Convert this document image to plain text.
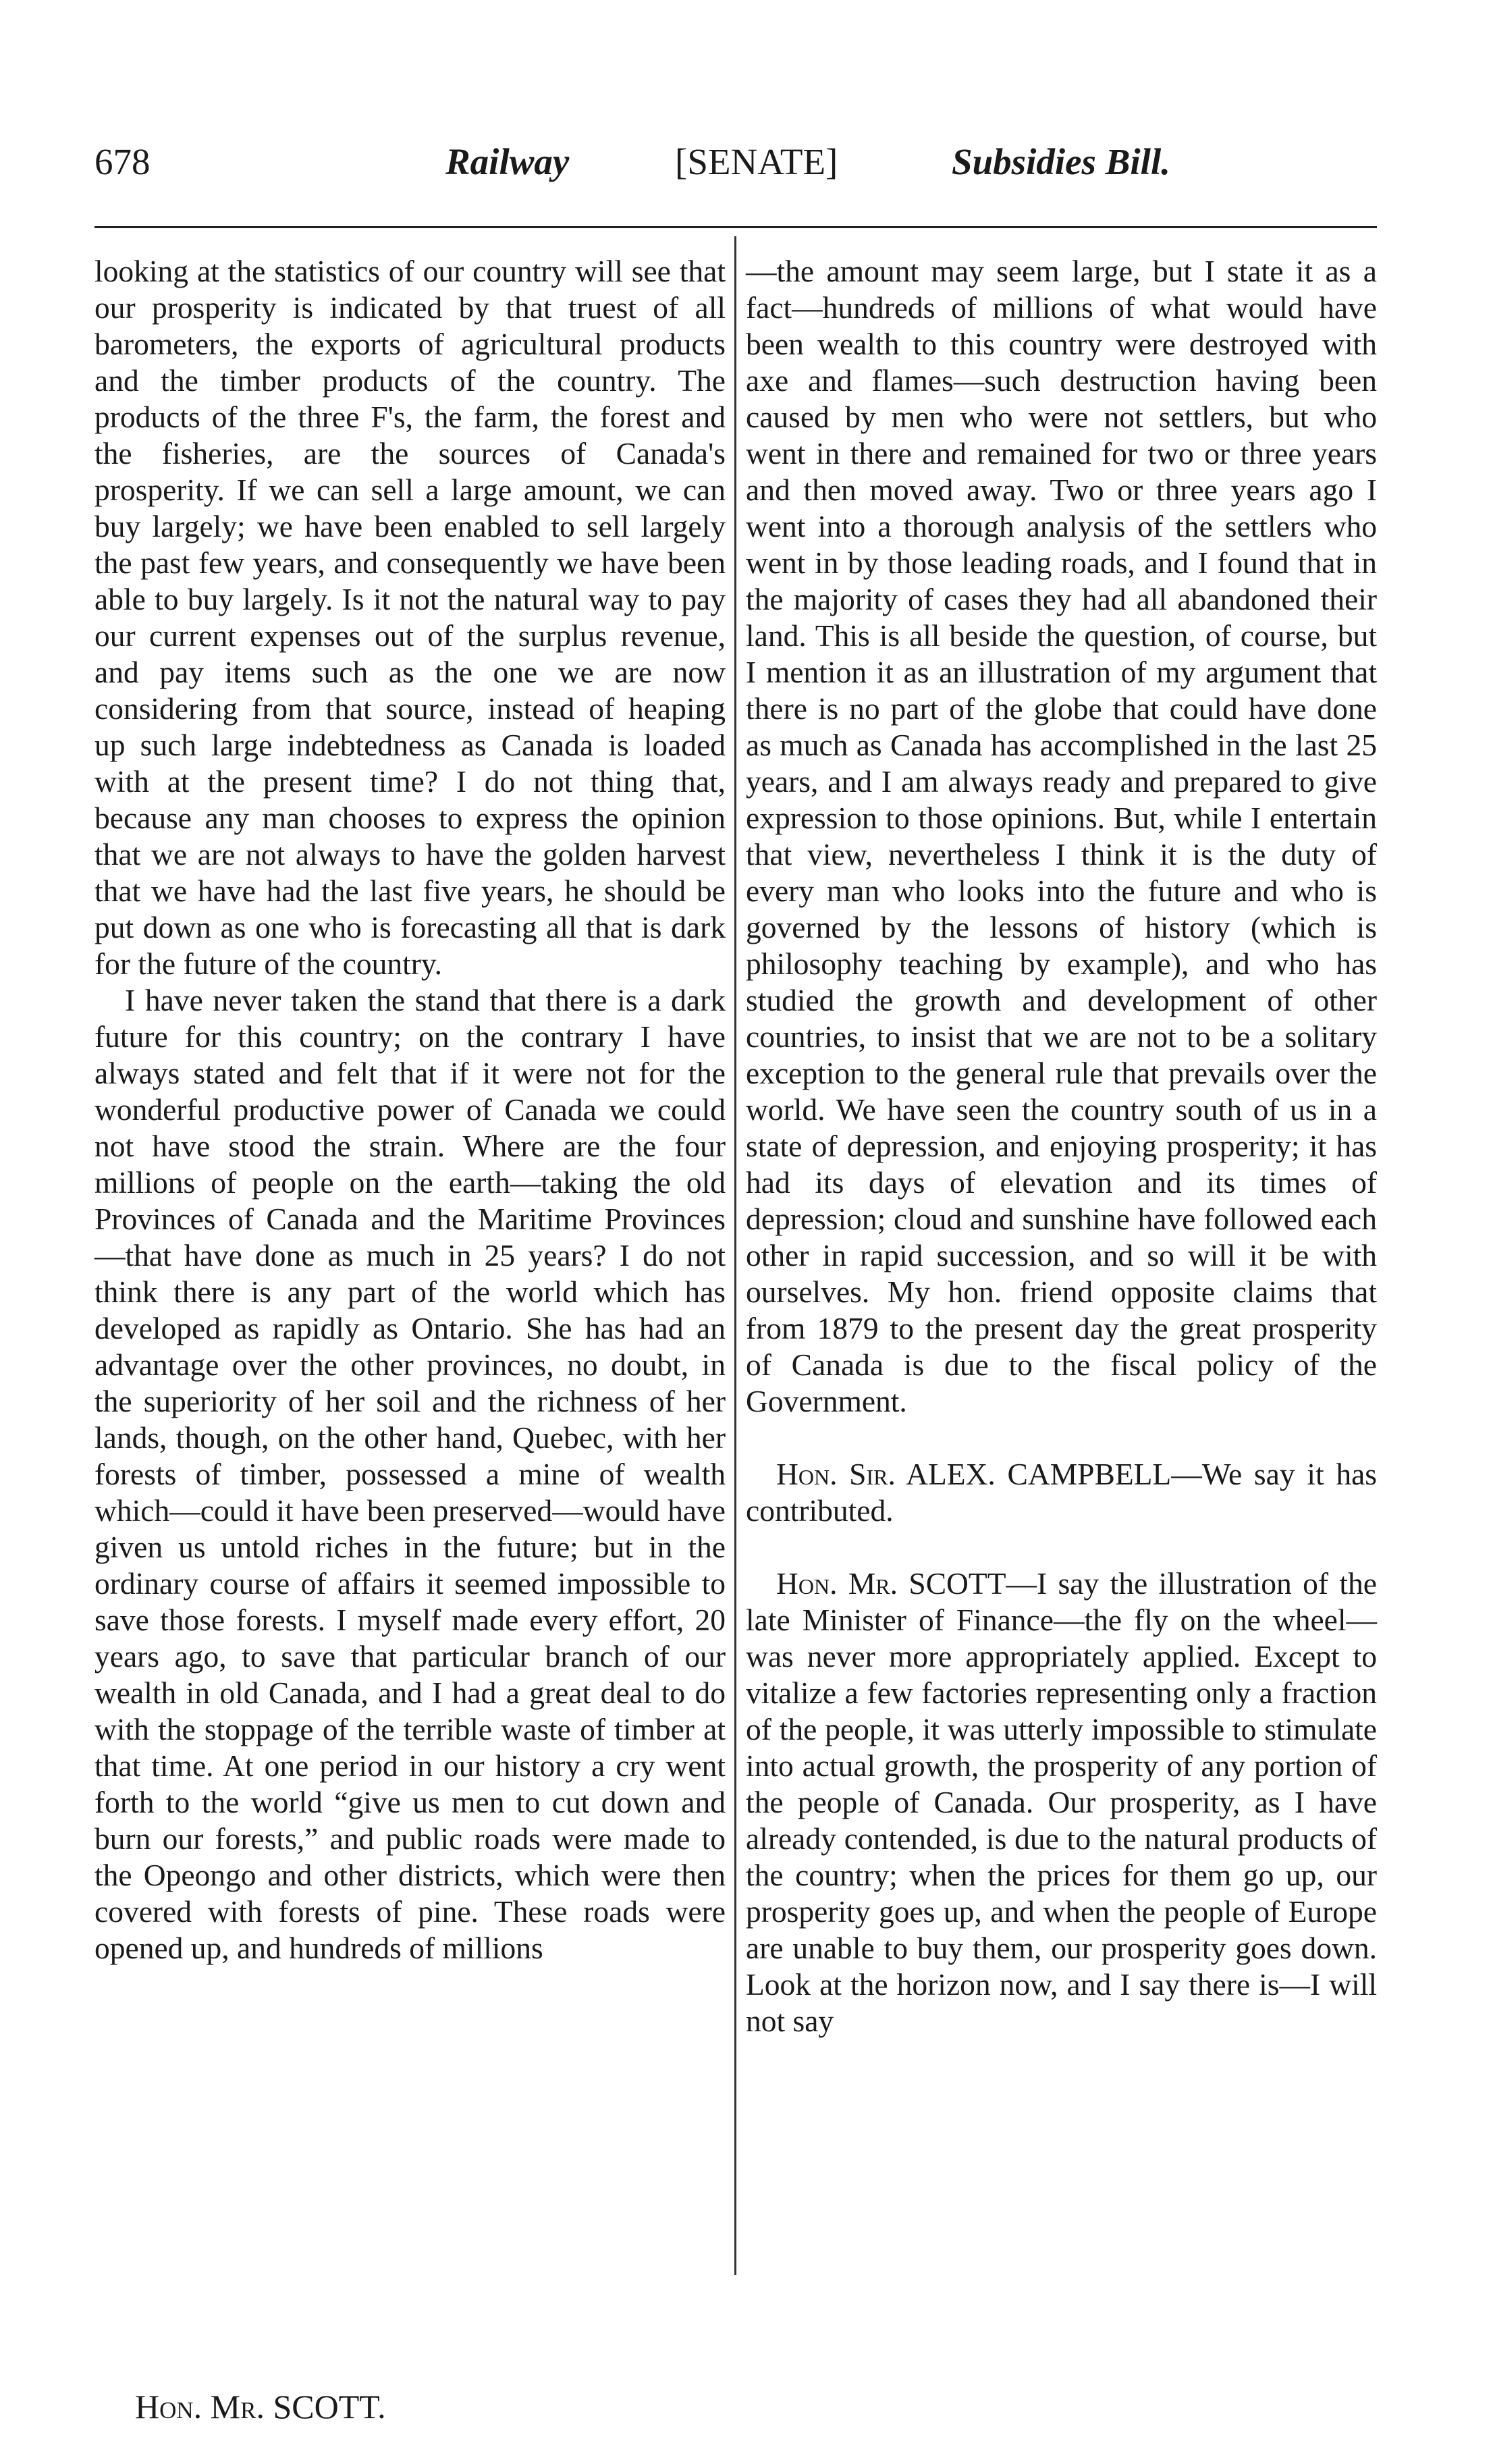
678	Railway	[SENATE]	Subsidies Bill.

looking at the statistics of our country will see that our prosperity is indicated by that truest of all barometers, the exports of agricultural products and the timber products of the country. The products of the three F's, the farm, the forest and the fisheries, are the sources of Canada's prosperity. If we can sell a large amount, we can buy largely; we have been enabled to sell largely the past few years, and consequently we have been able to buy largely. Is it not the natural way to pay our current expenses out of the surplus revenue, and pay items such as the one we are now considering from that source, instead of heaping up such large indebtedness as Canada is loaded with at the present time? I do not thing that, because any man chooses to express the opinion that we are not always to have the golden harvest that we have had the last five years, he should be put down as one who is forecasting all that is dark for the future of the country.

I have never taken the stand that there is a dark future for this country; on the contrary I have always stated and felt that if it were not for the wonderful productive power of Canada we could not have stood the strain. Where are the four millions of people on the earth—taking the old Provinces of Canada and the Maritime Provinces—that have done as much in 25 years? I do not think there is any part of the world which has developed as rapidly as Ontario. She has had an advantage over the other provinces, no doubt, in the superiority of her soil and the richness of her lands, though, on the other hand, Quebec, with her forests of timber, possessed a mine of wealth which—could it have been preserved—would have given us untold riches in the future; but in the ordinary course of affairs it seemed impossible to save those forests. I myself made every effort, 20 years ago, to save that particular branch of our wealth in old Canada, and I had a great deal to do with the stoppage of the terrible waste of timber at that time. At one period in our history a cry went forth to the world “give us men to cut down and burn our forests,” and public roads were made to the Opeongo and other districts, which were then covered with forests of pine. These roads were opened up, and hundreds of millions

—the amount may seem large, but I state it as a fact—hundreds of millions of what would have been wealth to this country were destroyed with axe and flames—such destruction having been caused by men who were not settlers, but who went in there and remained for two or three years and then moved away. Two or three years ago I went into a thorough analysis of the settlers who went in by those leading roads, and I found that in the majority of cases they had all abandoned their land. This is all beside the question, of course, but I mention it as an illustration of my argument that there is no part of the globe that could have done as much as Canada has accomplished in the last 25 years, and I am always ready and prepared to give expression to those opinions. But, while I entertain that view, nevertheless I think it is the duty of every man who looks into the future and who is governed by the lessons of history (which is philosophy teaching by example), and who has studied the growth and development of other countries, to insist that we are not to be a solitary exception to the general rule that prevails over the world. We have seen the country south of us in a state of depression, and enjoying prosperity; it has had its days of elevation and its times of depression; cloud and sunshine have followed each other in rapid succession, and so will it be with ourselves. My hon. friend opposite claims that from 1879 to the present day the great prosperity of Canada is due to the fiscal policy of the Government.

Hon. Sir. ALEX. CAMPBELL—We say it has contributed.

Hon. Mr. SCOTT—I say the illustration of the late Minister of Finance—the fly on the wheel—was never more appropriately applied. Except to vitalize a few factories representing only a fraction of the people, it was utterly impossible to stimulate into actual growth, the prosperity of any portion of the people of Canada. Our prosperity, as I have already contended, is due to the natural products of the country; when the prices for them go up, our prosperity goes up, and when the people of Europe are unable to buy them, our prosperity goes down. Look at the horizon now, and I say there is—I will not say

Hon. Mr. SCOTT.
